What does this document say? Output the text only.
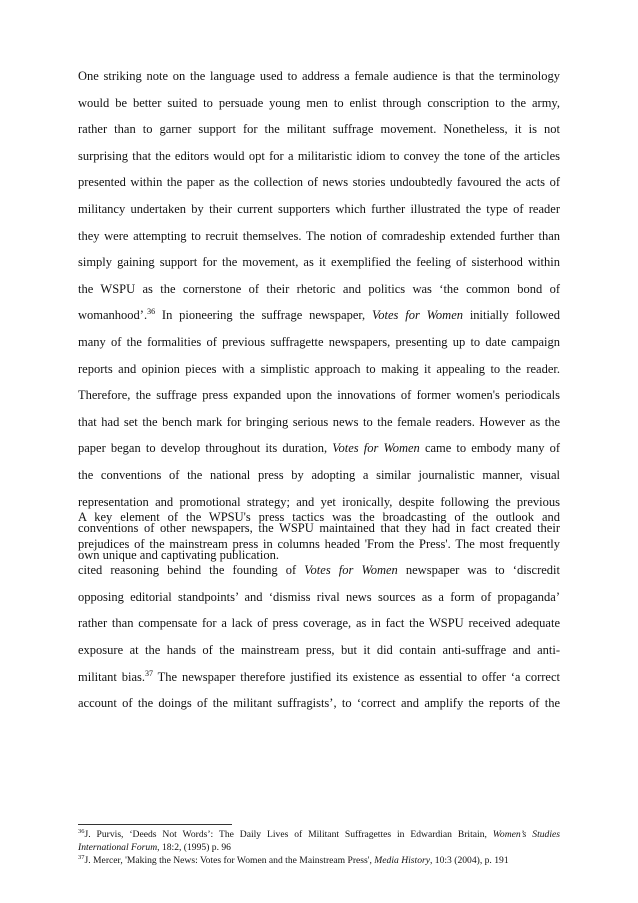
One striking note on the language used to address a female audience is that the terminology
would be better suited to persuade young men to enlist through conscription to the army,
rather than to garner support for the militant suffrage movement. Nonetheless, it is not
surprising that the editors would opt for a militaristic idiom to convey the tone of the articles
presented within the paper as the collection of news stories undoubtedly favoured the acts of
militancy undertaken by their current supporters which further illustrated the type of reader
they were attempting to recruit themselves. The notion of comradeship extended further than
simply gaining support for the movement, as it exemplified the feeling of sisterhood within
the WSPU as the cornerstone of their rhetoric and politics was ‘the common bond of
womanhood’.$^{36}$ In pioneering the suffrage newspaper, Votes for Women initially followed
many of the formalities of previous suffragette newspapers, presenting up to date campaign
reports and opinion pieces with a simplistic approach to making it appealing to the reader.
Therefore, the suffrage press expanded upon the innovations of former women's periodicals
that had set the bench mark for bringing serious news to the female readers. However as the
paper began to develop throughout its duration, Votes for Women came to embody many of
the conventions of the national press by adopting a similar journalistic manner, visual
representation and promotional strategy; and yet ironically, despite following the previous
conventions of other newspapers, the WSPU maintained that they had in fact created their
own unique and captivating publication.
A key element of the WPSU's press tactics was the broadcasting of the outlook and
prejudices of the mainstream press in columns headed 'From the Press'. The most frequently
cited reasoning behind the founding of Votes for Women newspaper was to ‘discredit
opposing editorial standpoints’ and ‘dismiss rival news sources as a form of propaganda’
rather than compensate for a lack of press coverage, as in fact the WSPU received adequate
exposure at the hands of the mainstream press, but it did contain anti-suffrage and anti-
militant bias.$^{37}$ The newspaper therefore justified its existence as essential to offer ‘a correct
account of the doings of the militant suffragists’, to ‘correct and amplify the reports of the
$^{36}$J. Purvis, ‘Deeds Not Words’: The Daily Lives of Militant Suffragettes in Edwardian Britain, Women’s Studies International Forum, 18:2, (1995) p. 96
$^{37}$J. Mercer, 'Making the News: Votes for Women and the Mainstream Press', Media History, 10:3 (2004), p. 191
